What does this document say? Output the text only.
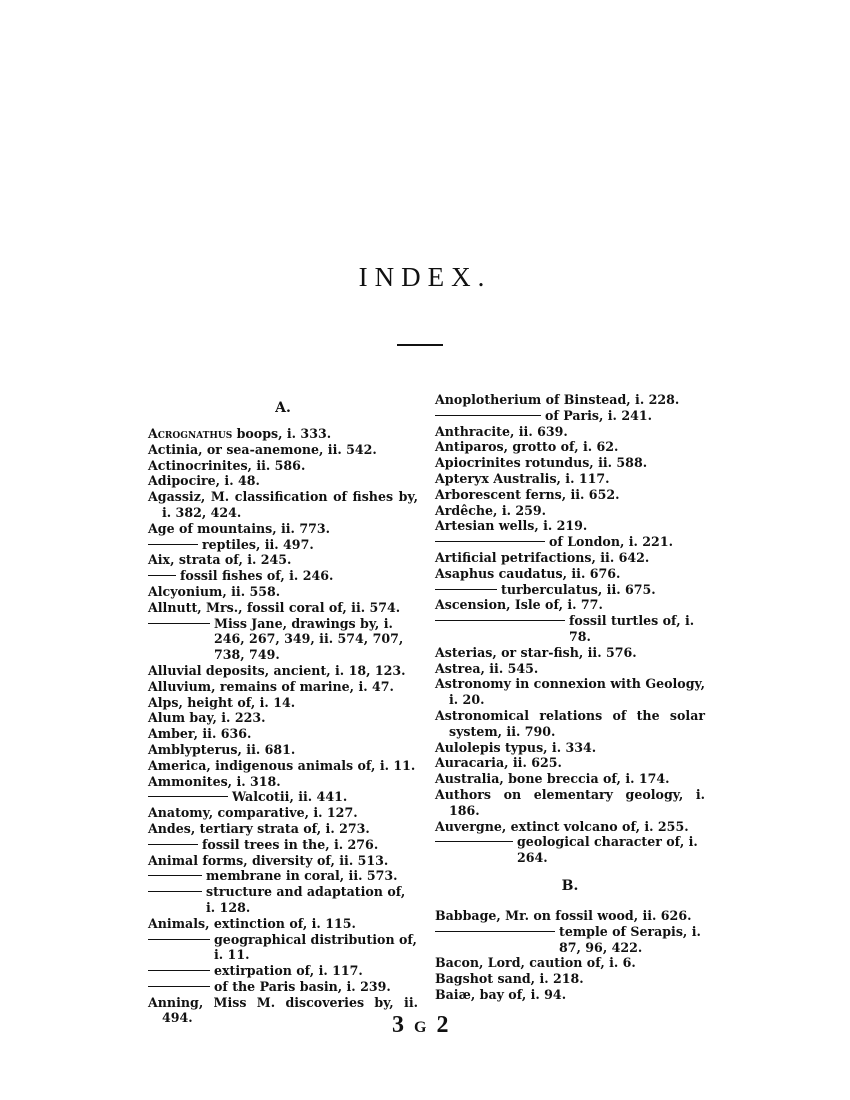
INDEX.
A.
Acrognathus boops, i. 333.
Actinia, or sea-anemone, ii. 542.
Actinocrinites, ii. 586.
Adipocire, i. 48.
Agassiz, M. classification of fishes by, i. 382, 424.
Age of mountains, ii. 773.
reptiles, ii. 497.
Aix, strata of, i. 245.
fossil fishes of, i. 246.
Alcyonium, ii. 558.
Allnutt, Mrs., fossil coral of, ii. 574.
Miss Jane, drawings by, i. 246, 267, 349, ii. 574, 707, 738, 749.
Alluvial deposits, ancient, i. 18, 123.
Alluvium, remains of marine, i. 47.
Alps, height of, i. 14.
Alum bay, i. 223.
Amber, ii. 636.
Amblypterus, ii. 681.
America, indigenous animals of, i. 11.
Ammonites, i. 318.
Walcotii, ii. 441.
Anatomy, comparative, i. 127.
Andes, tertiary strata of, i. 273.
fossil trees in the, i. 276.
Animal forms, diversity of, ii. 513.
membrane in coral, ii. 573.
structure and adaptation of, i. 128.
Animals, extinction of, i. 115.
geographical distribution of, i. 11.
extirpation of, i. 117.
of the Paris basin, i. 239.
Anning, Miss M. discoveries by, ii. 494.
Anoplotherium of Binstead, i. 228.
of Paris, i. 241.
Anthracite, ii. 639.
Antiparos, grotto of, i. 62.
Apiocrinites rotundus, ii. 588.
Apteryx Australis, i. 117.
Arborescent ferns, ii. 652.
Ardêche, i. 259.
Artesian wells, i. 219.
of London, i. 221.
Artificial petrifactions, ii. 642.
Asaphus caudatus, ii. 676.
turberculatus, ii. 675.
Ascension, Isle of, i. 77.
fossil turtles of, i. 78.
Asterias, or star-fish, ii. 576.
Astrea, ii. 545.
Astronomy in connexion with Geology, i. 20.
Astronomical relations of the solar system, ii. 790.
Aulolepis typus, i. 334.
Auracaria, ii. 625.
Australia, bone breccia of, i. 174.
Authors on elementary geology, i. 186.
Auvergne, extinct volcano of, i. 255.
geological character of, i. 264.
B.
Babbage, Mr. on fossil wood, ii. 626.
temple of Serapis, i. 87, 96, 422.
Bacon, Lord, caution of, i. 6.
Bagshot sand, i. 218.
Baiæ, bay of, i. 94.
3 G 2
